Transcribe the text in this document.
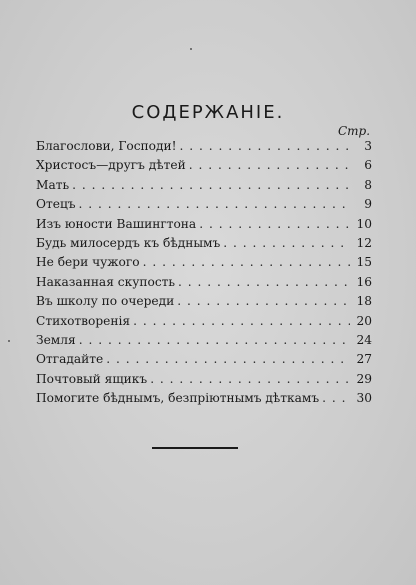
СОДЕРЖАНІЕ.
Стр.
Благослови, Господи! . . .	3
Христосъ—другъ дѣтей . . .	6
Мать . . .	8
Отецъ . . .	9
Изъ юности Вашингтона . . .	10
Будь милосердъ къ бѣднымъ . . .	12
Не бери чужого . . .	15
Наказанная скупость . . .	16
Въ школу по очереди . . .	18
Стихотворенія . . .	20
Земля . . .	24
Отгадайте . . .	27
Почтовый ящикъ . . .	29
Помогите бѣднымъ, безпріютнымъ дѣткамъ . . .	30
